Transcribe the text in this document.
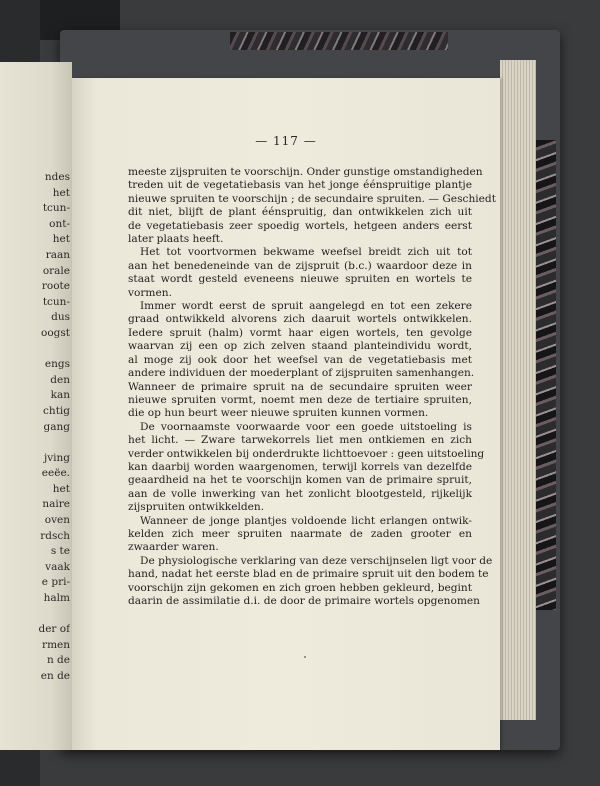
ndes
het
tcun-
ont-
het
raan
orale
roote
tcun-
dus
oogst
engs
den
kan
chtig
gang
jving
eeëe.
het
naire
oven
rdsch
s te
vaak
e pri-
halm
der of
rmen
n de
en de
— 117 —
meeste zijspruiten te voorschijn. Onder gunstige omstandigheden
treden uit de vegetatiebasis van het jonge éénspruitige plantje
nieuwe spruiten te voorschijn ; de secundaire spruiten. — Geschiedt
dit niet, blijft de plant éénspruitig, dan ontwikkelen zich uit
de vegetatiebasis zeer spoedig wortels, hetgeen anders eerst
later plaats heeft.
Het tot voortvormen bekwame weefsel breidt zich uit tot
aan het benedeneinde van de zijspruit (b.c.) waardoor deze in
staat wordt gesteld eveneens nieuwe spruiten en wortels te
vormen.
Immer wordt eerst de spruit aangelegd en tot een zekere
graad ontwikkeld alvorens zich daaruit wortels ontwikkelen.
Iedere spruit (halm) vormt haar eigen wortels, ten gevolge
waarvan zij een op zich zelven staand planteindividu wordt,
al moge zij ook door het weefsel van de vegetatiebasis met
andere individuen der moederplant of zijspruiten samenhangen.
Wanneer de primaire spruit na de secundaire spruiten weer
nieuwe spruiten vormt, noemt men deze de tertiaire spruiten,
die op hun beurt weer nieuwe spruiten kunnen vormen.
De voornaamste voorwaarde voor een goede uitstoeling is
het licht. — Zware tarwekorrels liet men ontkiemen en zich
verder ontwikkelen bij onderdrukte lichttoevoer : geen uitstoeling
kan daarbij worden waargenomen, terwijl korrels van dezelfde
geaardheid na het te voorschijn komen van de primaire spruit,
aan de volle inwerking van het zonlicht blootgesteld, rijkelijk
zijspruiten ontwikkelden.
Wanneer de jonge plantjes voldoende licht erlangen ontwik-
kelden zich meer spruiten naarmate de zaden grooter en
zwaarder waren.
De physiologische verklaring van deze verschijnselen ligt voor de
hand, nadat het eerste blad en de primaire spruit uit den bodem te
voorschijn zijn gekomen en zich groen hebben gekleurd, begint
daarin de assimilatie d.i. de door de primaire wortels opgenomen
